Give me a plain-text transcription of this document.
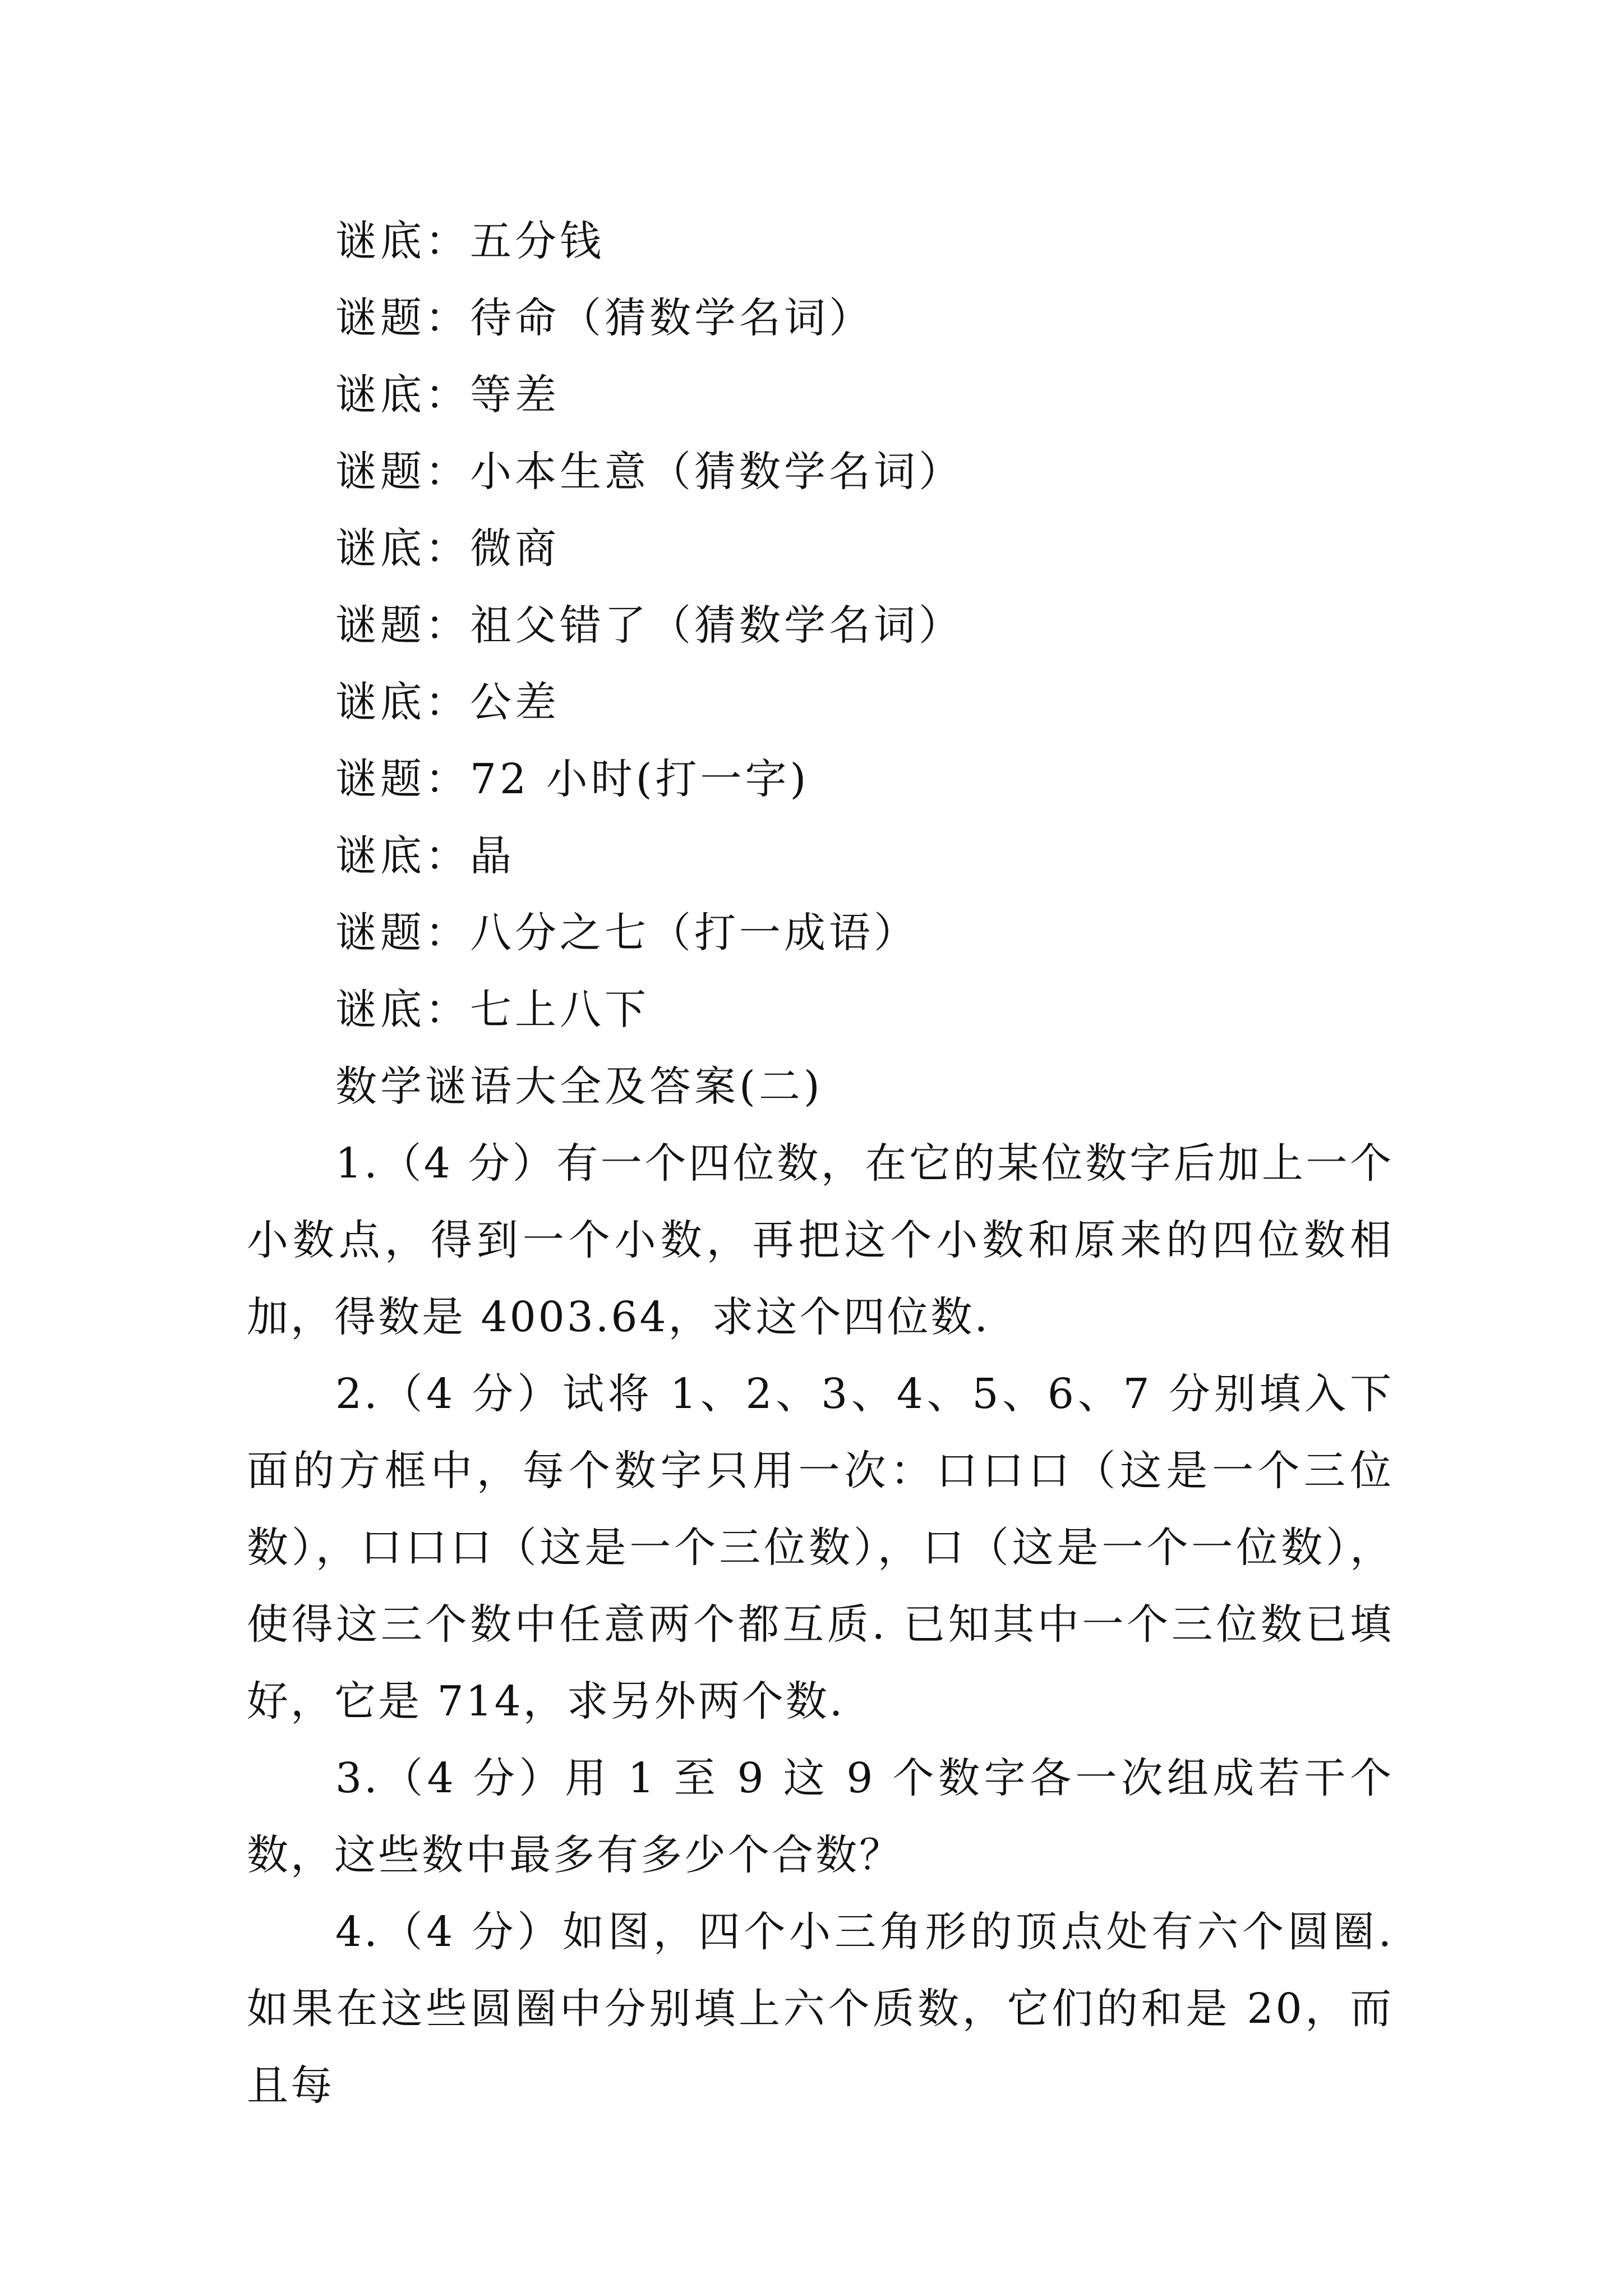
谜底：五分钱
谜题：待命（猜数学名词）
谜底：等差
谜题：小本生意（猜数学名词）
谜底：微商
谜题：祖父错了（猜数学名词）
谜底：公差
谜题：72 小时(打一字)
谜底：晶
谜题：八分之七（打一成语）
谜底：七上八下
数学谜语大全及答案(二)
1.（4 分）有一个四位数，在它的某位数字后加上一个小数点，得到一个小数，再把这个小数和原来的四位数相加，得数是 4003.64，求这个四位数.
2.（4 分）试将 1、2、3、4、5、6、7 分别填入下面的方框中，每个数字只用一次：口口口（这是一个三位数），口口口（这是一个三位数），口（这是一个一位数），使得这三个数中任意两个都互质. 已知其中一个三位数已填好，它是 714，求另外两个数.
3.（4 分）用 1 至 9 这 9 个数字各一次组成若干个数，这些数中最多有多少个合数？
4.（4 分）如图，四个小三角形的顶点处有六个圆圈. 如果在这些圆圈中分别填上六个质数，它们的和是 20，而且每
